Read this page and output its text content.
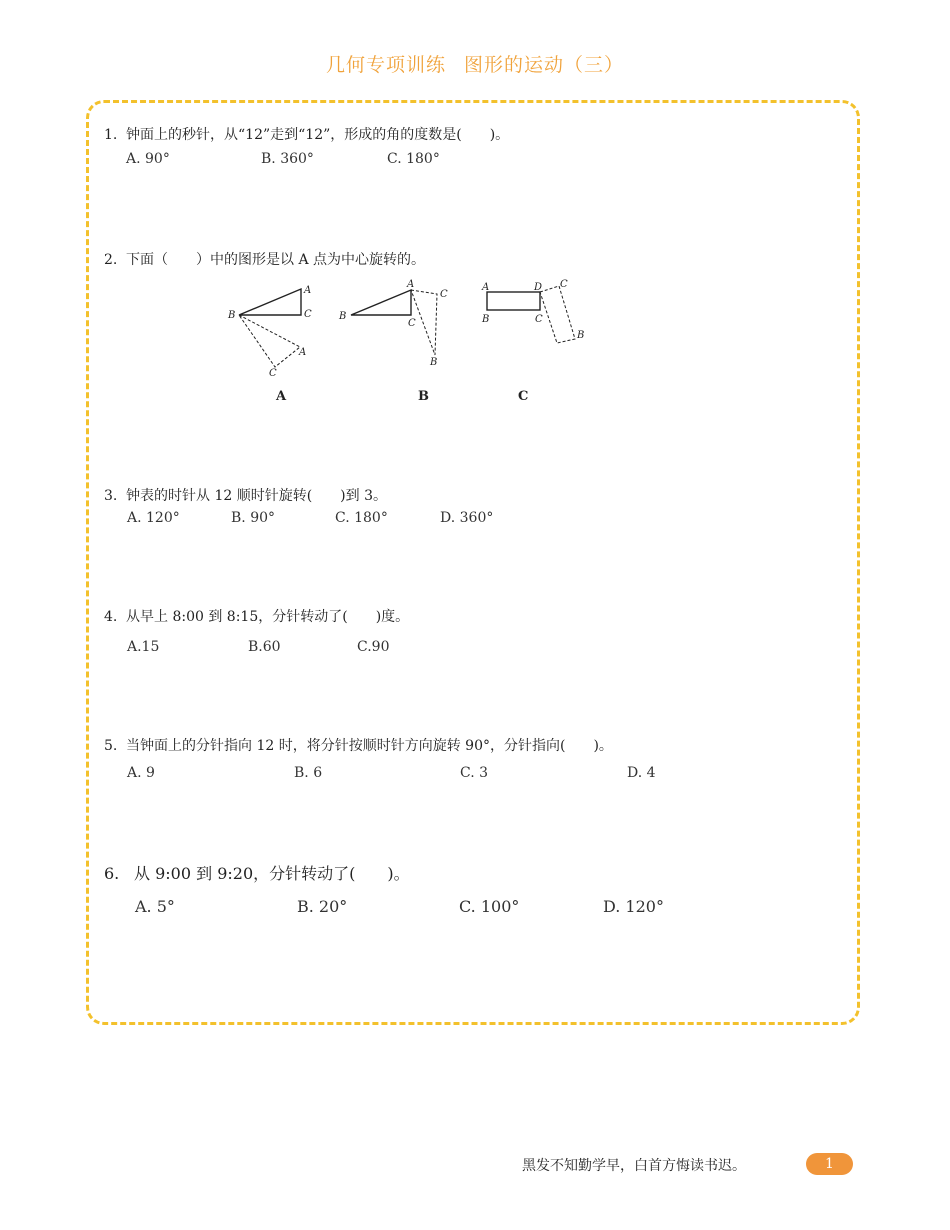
几何专项训练 图形的运动（三）
1. 钟面上的秒针，从“12”走到“12”，形成的角的度数是(　　)。
A. 90°	B. 360°	C. 180°
2. 下面（　　）中的图形是以 A 点为中心旋转的。
B
A
C
A
C
A
A
C
B
C
B
B
A	D
C
B
C
B
C
3. 钟表的时针从 12 顺时针旋转(　　)到 3。
A. 120°	B. 90°	C. 180°	D. 360°
4. 从早上 8:00 到 8:15，分针转动了(　　)度。
A.15	B.60	C.90
5. 当钟面上的分针指向 12 时，将分针按顺时针方向旋转 90°，分针指向(　　)。
A. 9	B. 6	C. 3	D. 4
6. 从 9:00 到 9:20，分针转动了(　　)。
A. 5°	B. 20°	C. 100°	D. 120°
黑发不知勤学早，白首方悔读书迟。	1
